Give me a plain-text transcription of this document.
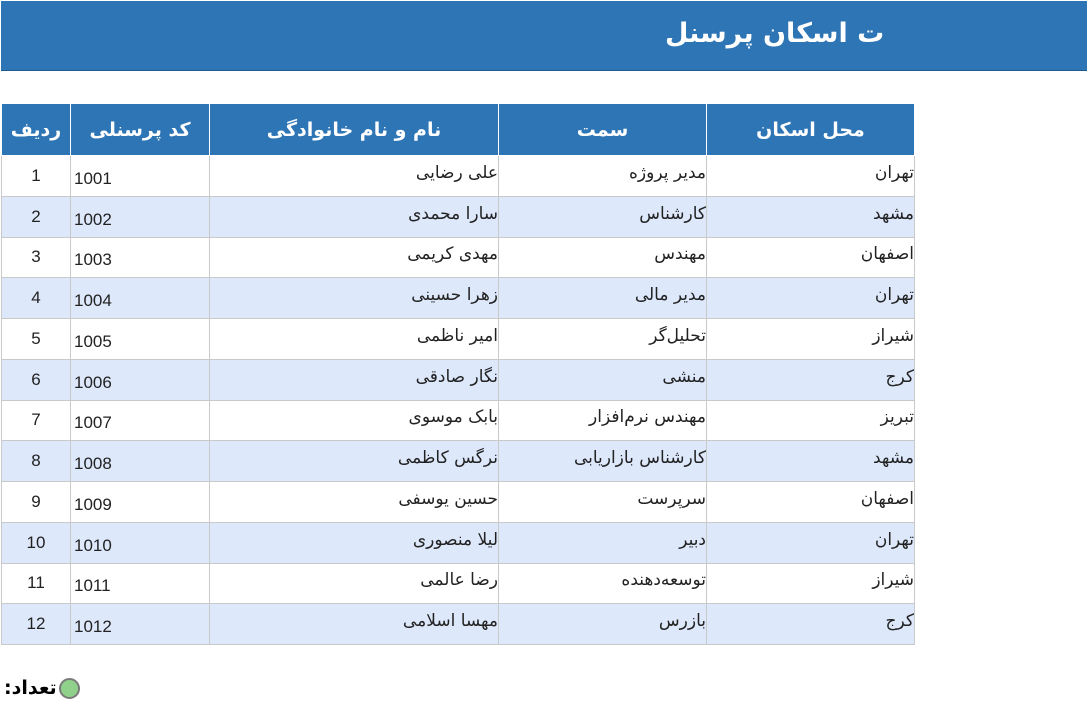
ت اسکان پرسنل
ردیف	کد پرسنلی	نام و نام خانوادگی	سمت	محل اسکان
1	1001	علی رضایی	مدیر پروژه	تهران
2	1002	سارا محمدی	کارشناس	مشهد
3	1003	مهدی کریمی	مهندس	اصفهان
4	1004	زهرا حسینی	مدیر مالی	تهران
5	1005	امیر ناظمی	تحلیل‌گر	شیراز
6	1006	نگار صادقی	منشی	کرج
7	1007	بابک موسوی	مهندس نرم‌افزار	تبریز
8	1008	نرگس کاظمی	کارشناس بازاریابی	مشهد
9	1009	حسین یوسفی	سرپرست	اصفهان
10	1010	لیلا منصوری	دبیر	تهران
11	1011	رضا عالمی	توسعه‌دهنده	شیراز
12	1012	مهسا اسلامی	بازرس	کرج
تعداد:
